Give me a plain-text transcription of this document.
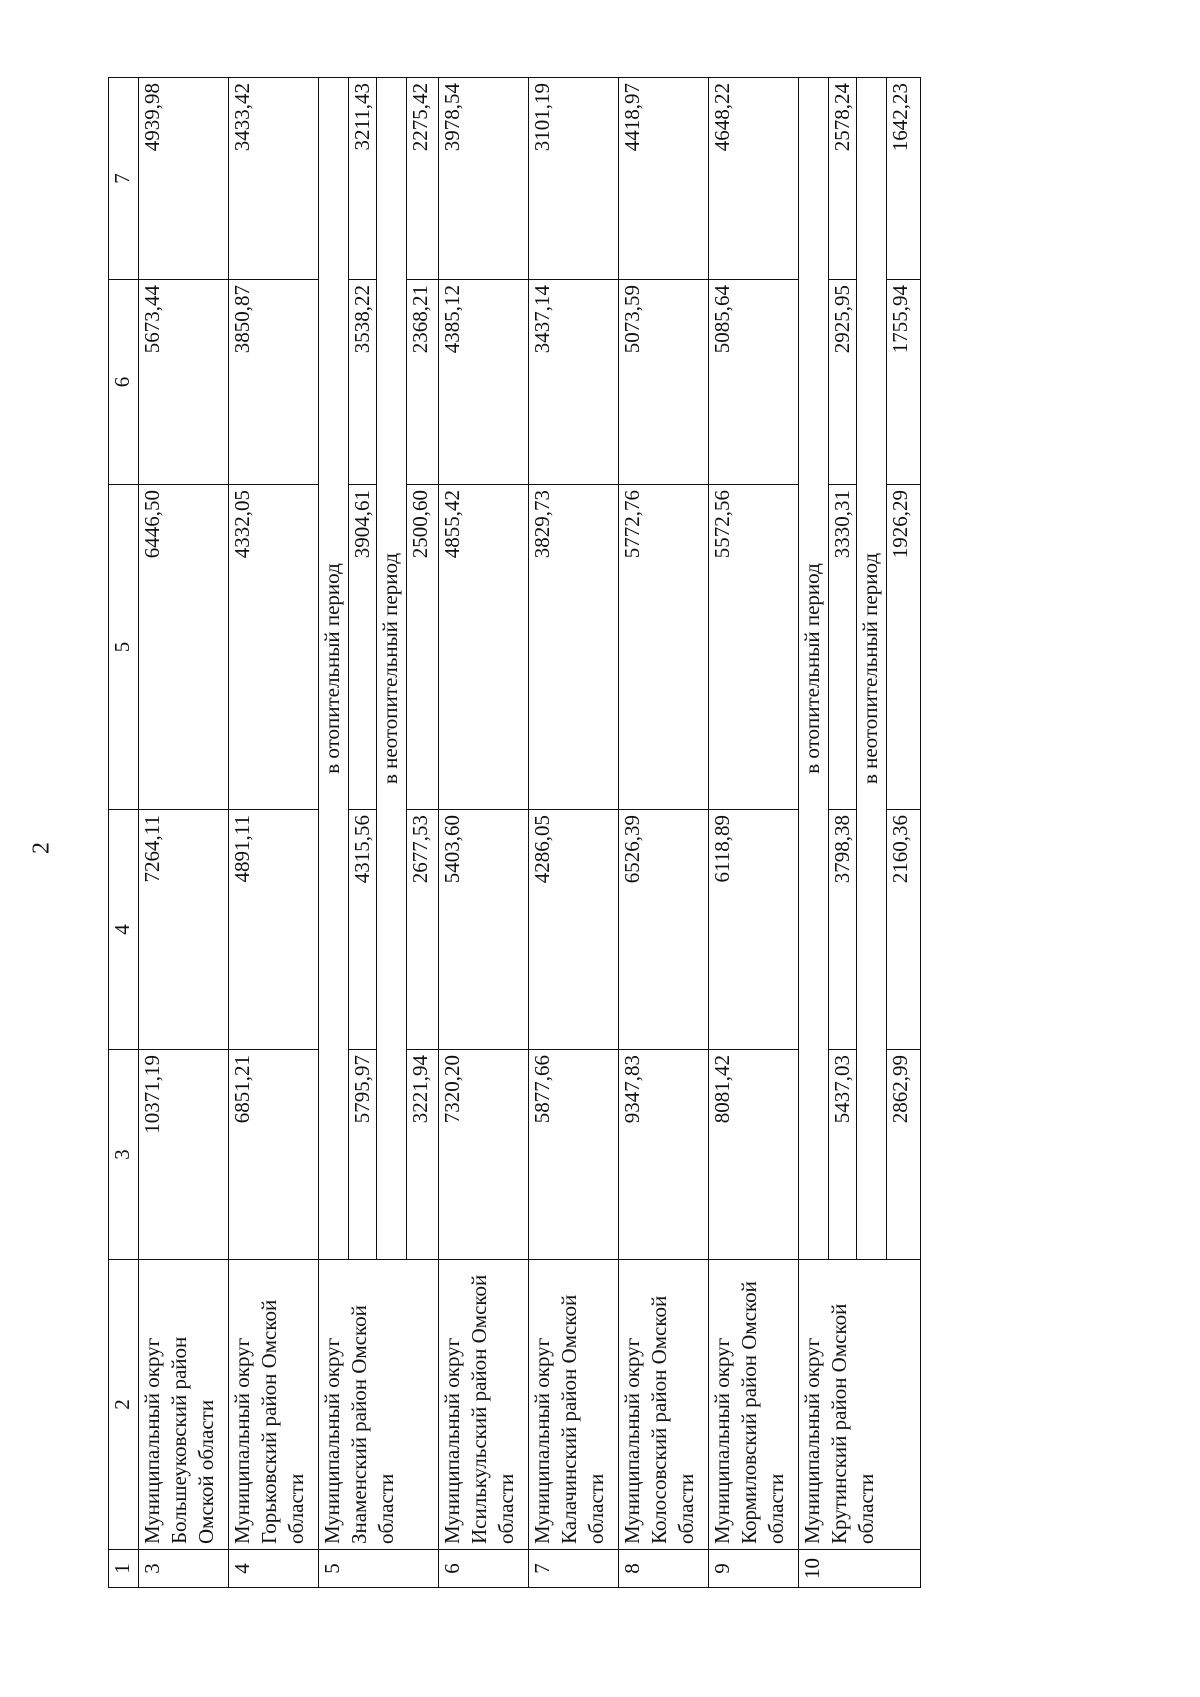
2
1	2	3	4	5	6	7
3	Муниципальный округ Большеуковский район Омской области	10371,19	7264,11	6446,50	5673,44	4939,98
4	Муниципальный округ Горьковский район Омской области	6851,21	4891,11	4332,05	3850,87	3433,42
5	Муниципальный округ Знаменский район Омской области	в отопительный период				
		5795,97	4315,56	3904,61	3538,22	3211,43
		в неотопительный период				
		3221,94	2677,53	2500,60	2368,21	2275,42
6	Муниципальный округ Исилькульский район Омской области	7320,20	5403,60	4855,42	4385,12	3978,54
7	Муниципальный округ Калачинский район Омской области	5877,66	4286,05	3829,73	3437,14	3101,19
8	Муниципальный округ Колосовский район Омской области	9347,83	6526,39	5772,76	5073,59	4418,97
9	Муниципальный округ Кормиловский район Омской области	8081,42	6118,89	5572,56	5085,64	4648,22
10	Муниципальный округ Крутинский район Омской области	в отопительный период				
		5437,03	3798,38	3330,31	2925,95	2578,24
		в неотопительный период				
		2862,99	2160,36	1926,29	1755,94	1642,23
